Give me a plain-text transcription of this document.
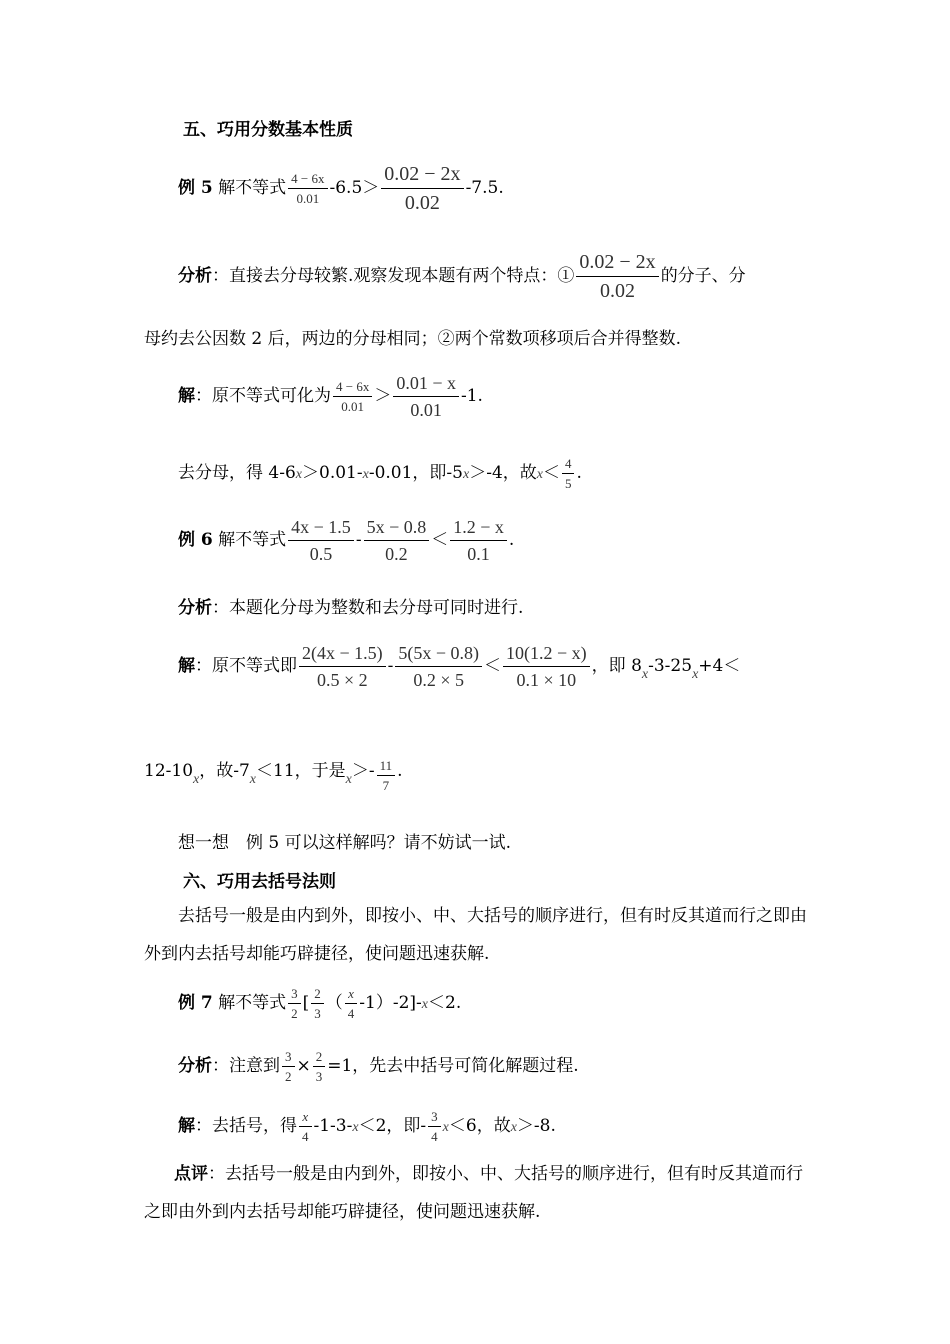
五、巧用分数基本性质
例 5 解不等式 $\frac{4 - 6x}{0.01} -6.5> \frac{0.02 - 2x}{0.02} -7.5$.
分析：直接去分母较繁.观察发现本题有两个特点：① $\frac{0.02 - 2x}{0.02}$ 的分子、分
母约去公因数 2 后，两边的分母相同；②两个常数项移项后合并得整数.
解：原不等式可化为 $\frac{4 - 6x}{0.01} > \frac{0.01 - x}{0.01} -1$.
去分母，得 4-6x＞0.01-x-0.01，即-5x＞-4，故$x< \frac{4}{5}$ .
例 6 解不等式 $\frac{4x - 1.5}{0.5} - \frac{5x - 0.8}{0.2} < \frac{1.2 - x}{0.1}$ .
分析：本题化分母为整数和去分母可同时进行.
解：原不等式即 $\frac{2(4x - 1.5)}{0.5 \times 2} - \frac{5(5x - 0.8)}{0.2 \times 5} < \frac{10(1.2 - x)}{0.1 \times 10}$ ，即 $8_x-3-25_x+4<$
$12-10_x$，故$-7_x<11$，于是$_x>- \frac{11}{7}$ .
想一想　例 5 可以这样解吗？请不妨试一试.
六、巧用去括号法则
去括号一般是由内到外，即按小、中、大括号的顺序进行，但有时反其道而行之即由外到内去括号却能巧辟捷径，使问题迅速获解.
例 7 解不等式 $\frac{3}{2}$ [ $\frac{2}{3}$ （ $\frac{x}{4} -1)-2]-x<2$.
分析：注意到 $\frac{3}{2} \times \frac{2}{3} =1$，先去中括号可简化解题过程.
解：去括号，得 $\frac{x}{4} -1-3-x<2$，即- $\frac{3}{4} x<6$，故x＞-8.
点评：去括号一般是由内到外，即按小、中、大括号的顺序进行，但有时反其道而行之即由外到内去括号却能巧辟捷径，使问题迅速获解.
